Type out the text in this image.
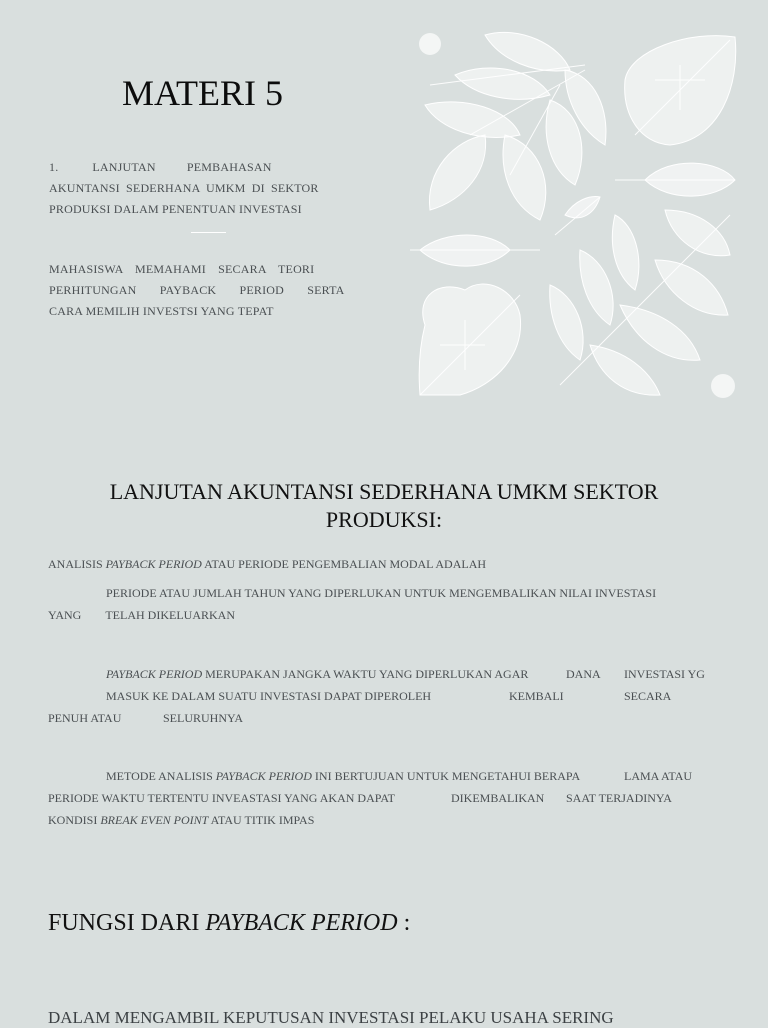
MATERI 5
1.	LANJUTAN PEMBAHASAN
AKUNTANSI SEDERHANA UMKM DI SEKTOR
PRODUKSI DALAM PENENTUAN INVESTASI
MAHASISWA MEMAHAMI SECARA TEORI
PERHITUNGAN PAYBACK PERIOD SERTA
CARA MEMILIH INVESTSI YANG TEPAT
LANJUTAN AKUNTANSI SEDERHANA UMKM SEKTOR
PRODUKSI:
ANALISIS PAYBACK PERIOD ATAU PERIODE PENGEMBALIAN MODAL ADALAH
PERIODE ATAU JUMLAH TAHUN YANG DIPERLUKAN UNTUK MENGEMBALIKAN NILAI INVESTASI
YANG TELAH DIKELUARKAN
PAYBACK PERIOD MERUPAKAN JANGKA WAKTU YANG DIPERLUKAN AGAR	DANA INVESTASI YG
MASUK KE DALAM SUATU INVESTASI DAPAT DIPEROLEH	KEMBALI	SECARA
PENUH ATAU	SELURUHNYA
METODE ANALISIS PAYBACK PERIOD INI BERTUJUAN UNTUK MENGETAHUI BERAPA	LAMA ATAU
PERIODE WAKTU TERTENTU INVEASTASI YANG AKAN DAPAT	DIKEMBALIKAN	SAAT TERJADINYA
KONDISI BREAK EVEN POINT ATAU TITIK IMPAS
FUNGSI DARI PAYBACK PERIOD :
DALAM MENGAMBIL KEPUTUSAN INVESTASI PELAKU USAHA SERING
